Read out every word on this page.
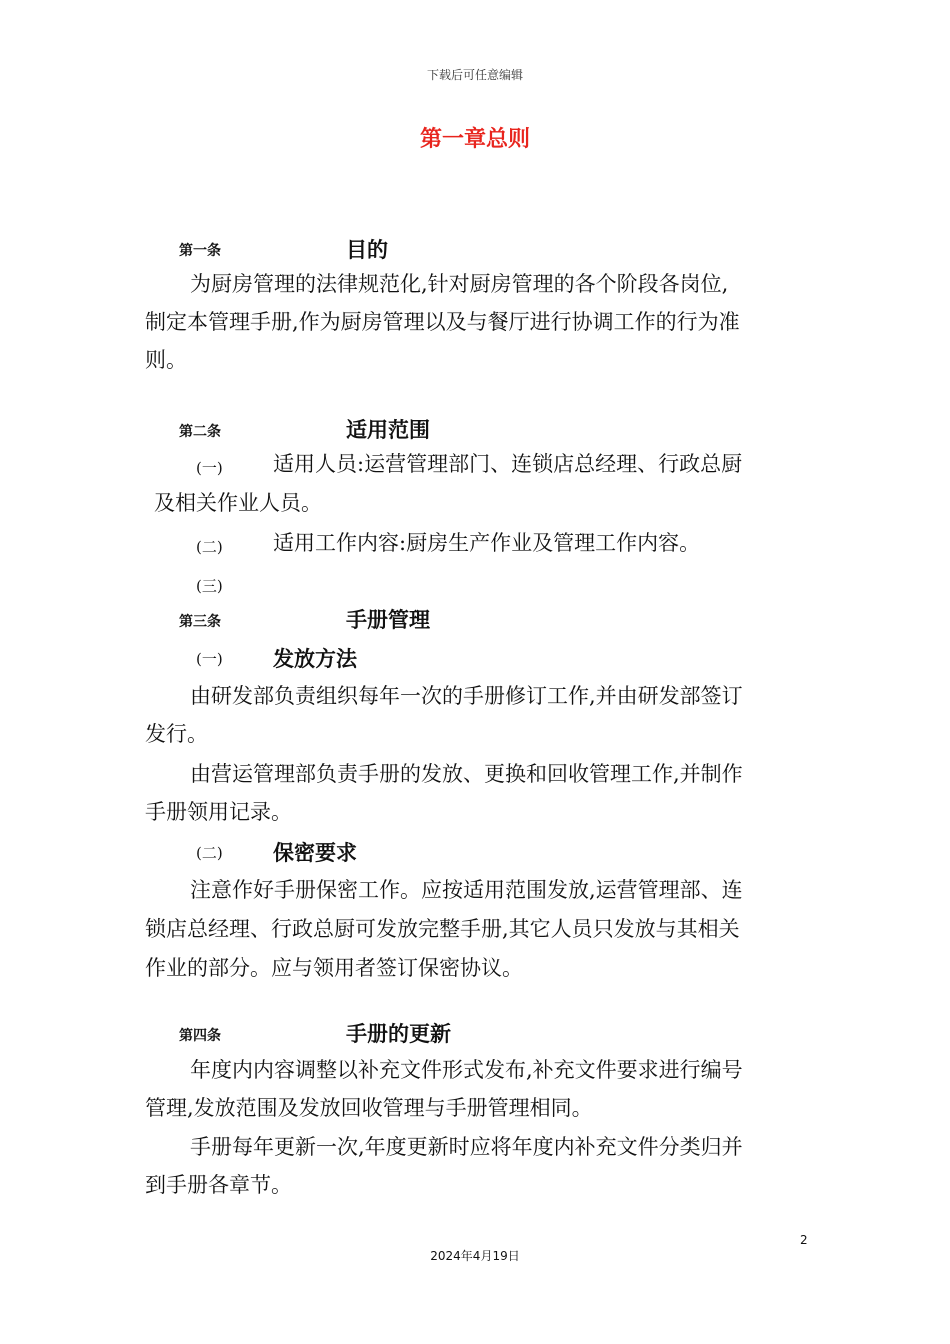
下载后可任意编辑
第一章总则
第一条	目的
为厨房管理的法律规范化,针对厨房管理的各个阶段各岗位,
制定本管理手册,作为厨房管理以及与餐厅进行协调工作的行为准
则。
第二条	适用范围
(一) 适用人员:运营管理部门、连锁店总经理、行政总厨
及相关作业人员。
(二) 适用工作内容:厨房生产作业及管理工作内容。
(三)
第三条	手册管理
(一) 发放方法
由研发部负责组织每年一次的手册修订工作,并由研发部签订
发行。
由营运管理部负责手册的发放、更换和回收管理工作,并制作
手册领用记录。
(二) 保密要求
注意作好手册保密工作。应按适用范围发放,运营管理部、连
锁店总经理、行政总厨可发放完整手册,其它人员只发放与其相关
作业的部分。应与领用者签订保密协议。
第四条	手册的更新
年度内内容调整以补充文件形式发布,补充文件要求进行编号
管理,发放范围及发放回收管理与手册管理相同。
手册每年更新一次,年度更新时应将年度内补充文件分类归并
到手册各章节。
2
2024年4月19日
